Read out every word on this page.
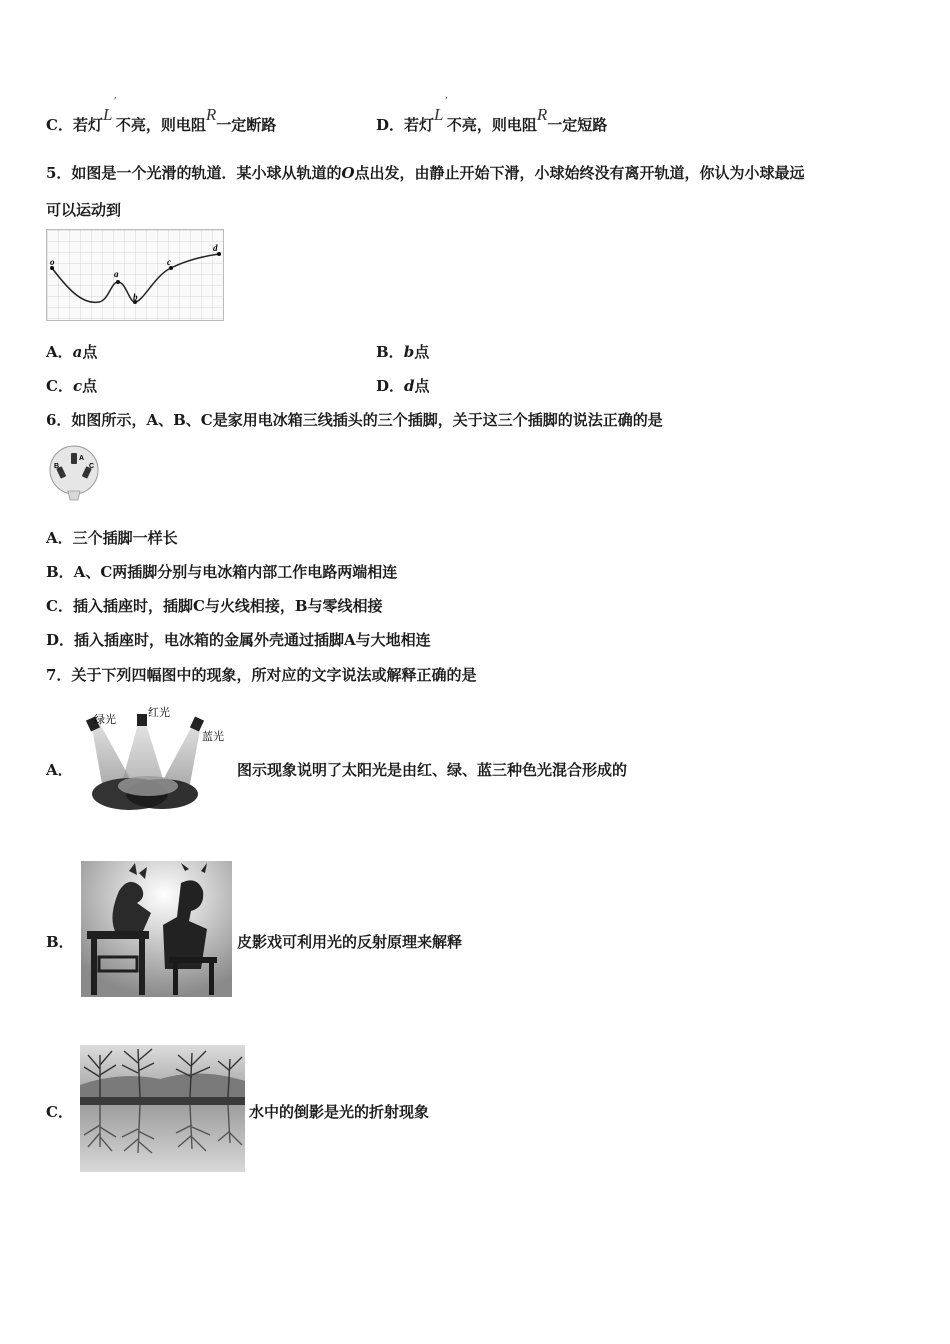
C．若灯L′不亮，则电阻R一定断路	D．若灯L′不亮，则电阻R一定短路
5．如图是一个光滑的轨道．某小球从轨道的O点出发，由静止开始下滑，小球始终没有离开轨道，你认为小球最远
可以运动到
o
a
b
c
d
A．a点	B．b点
C．c点	D．d点
6．如图所示，A、B、C是家用电冰箱三线插头的三个插脚，关于这三个插脚的说法正确的是
A
B	C
A．三个插脚一样长
B．A、C两插脚分别与电冰箱内部工作电路两端相连
C．插入插座时，插脚C与火线相接，B与零线相接
D．插入插座时，电冰箱的金属外壳通过插脚A与大地相连
7．关于下列四幅图中的现象，所对应的文字说法或解释正确的是
A．
绿光
红光
蓝光
图示现象说明了太阳光是由红、绿、蓝三种色光混合形成的
B．	皮影戏可利用光的反射原理来解释
C．	水中的倒影是光的折射现象
